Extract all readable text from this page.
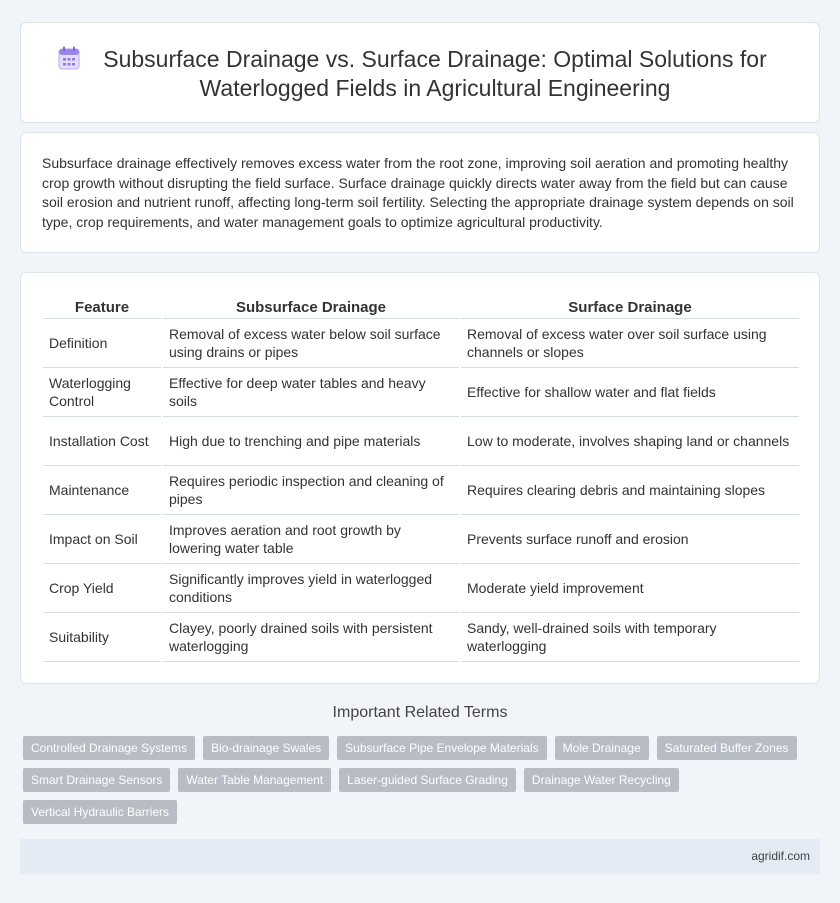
Subsurface Drainage vs. Surface Drainage: Optimal Solutions for Waterlogged Fields in Agricultural Engineering

Subsurface drainage effectively removes excess water from the root zone, improving soil aeration and promoting healthy crop growth without disrupting the field surface. Surface drainage quickly directs water away from the field but can cause soil erosion and nutrient runoff, affecting long-term soil fertility. Selecting the appropriate drainage system depends on soil type, crop requirements, and water management goals to optimize agricultural productivity.

Feature	Subsurface Drainage	Surface Drainage
Definition	Removal of excess water below soil surface using drains or pipes	Removal of excess water over soil surface using channels or slopes
Waterlogging Control	Effective for deep water tables and heavy soils	Effective for shallow water and flat fields
Installation Cost	High due to trenching and pipe materials	Low to moderate, involves shaping land or channels
Maintenance	Requires periodic inspection and cleaning of pipes	Requires clearing debris and maintaining slopes
Impact on Soil	Improves aeration and root growth by lowering water table	Prevents surface runoff and erosion
Crop Yield	Significantly improves yield in waterlogged conditions	Moderate yield improvement
Suitability	Clayey, poorly drained soils with persistent waterlogging	Sandy, well-drained soils with temporary waterlogging
Important Related Terms
Controlled Drainage Systems	Bio-drainage Swales	Subsurface Pipe Envelope Materials	Mole Drainage	Saturated Buffer Zones
Smart Drainage Sensors	Water Table Management	Laser-guided Surface Grading	Drainage Water Recycling
Vertical Hydraulic Barriers
agridif.com
